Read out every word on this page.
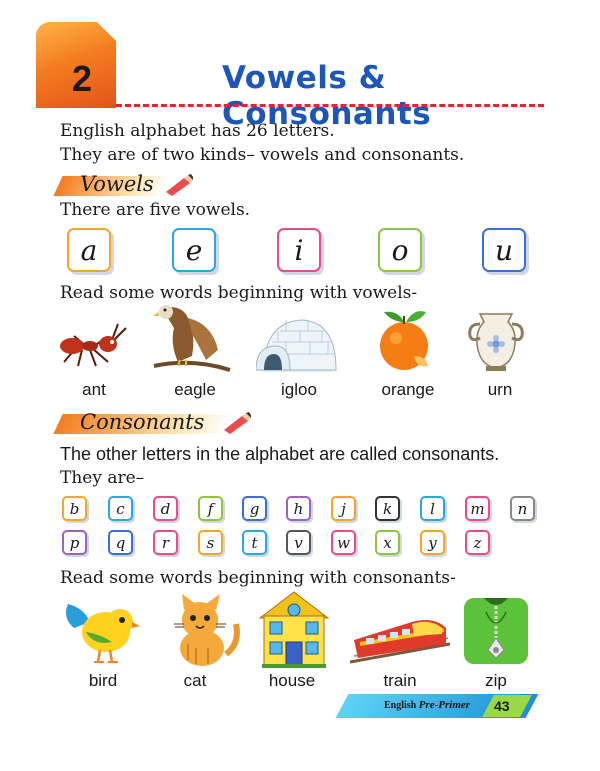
2	Vowels & Consonants
English alphabet has 26 letters.
They are of two kinds– vowels and consonants.
Vowels
There are five vowels.
a	e	i	o	u
Read some words beginning with vowels-
ant	eagle	igloo	orange	urn
Consonants
The other letters in the alphabet are called consonants.
They are–
b	c	d	f	g	h	j	k	l	m	n
p	q	r	s	t	v	w	x	y	z
Read some words beginning with consonants-
bird	cat	house	train	zip
English Pre-Primer 43
